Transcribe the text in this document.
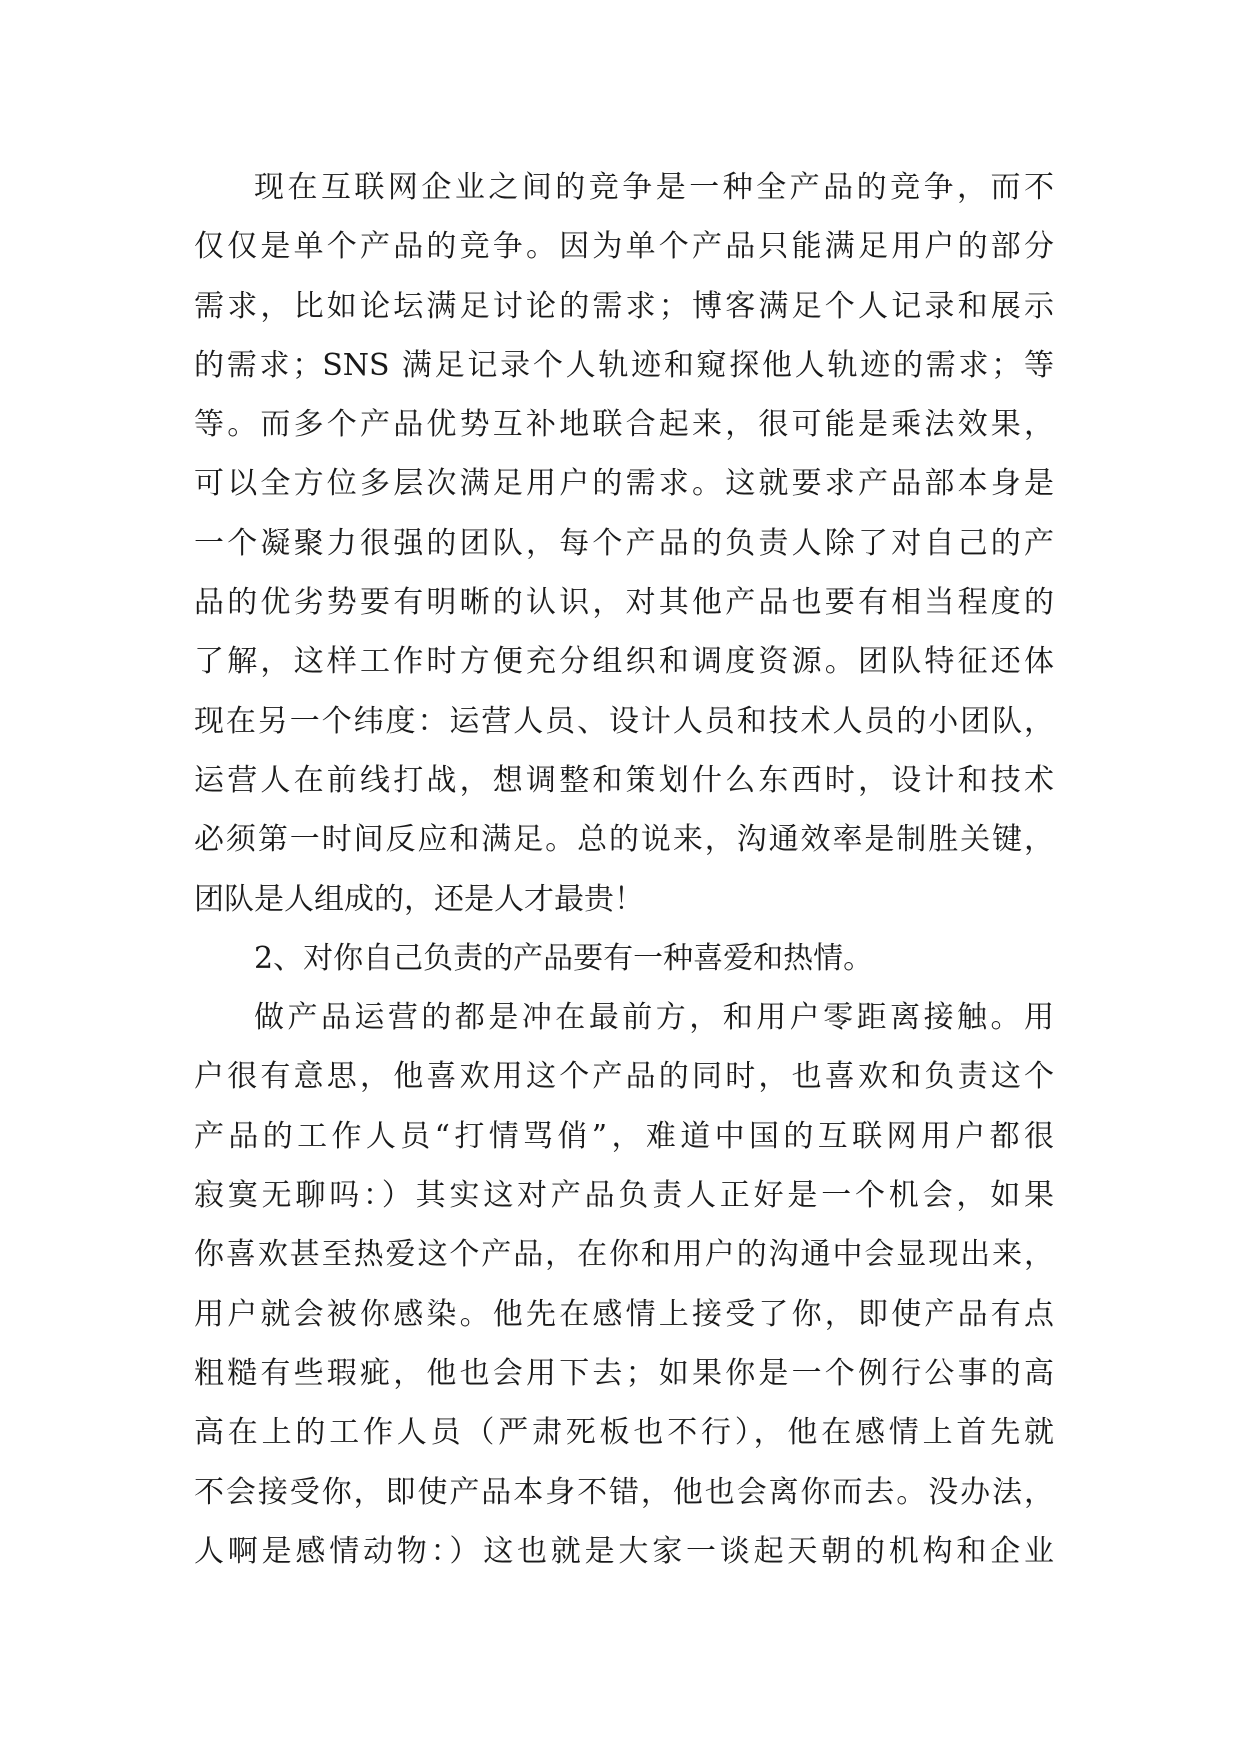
现在互联网企业之间的竞争是一种全产品的竞争，而不
仅仅是单个产品的竞争。因为单个产品只能满足用户的部分
需求，比如论坛满足讨论的需求；博客满足个人记录和展示
的需求；SNS 满足记录个人轨迹和窥探他人轨迹的需求；等
等。而多个产品优势互补地联合起来，很可能是乘法效果，
可以全方位多层次满足用户的需求。这就要求产品部本身是
一个凝聚力很强的团队，每个产品的负责人除了对自己的产
品的优劣势要有明晰的认识，对其他产品也要有相当程度的
了解，这样工作时方便充分组织和调度资源。团队特征还体
现在另一个纬度：运营人员、设计人员和技术人员的小团队，
运营人在前线打战，想调整和策划什么东西时，设计和技术
必须第一时间反应和满足。总的说来，沟通效率是制胜关键，
团队是人组成的，还是人才最贵！
2、对你自己负责的产品要有一种喜爱和热情。
做产品运营的都是冲在最前方，和用户零距离接触。用
户很有意思，他喜欢用这个产品的同时，也喜欢和负责这个
产品的工作人员“打情骂俏”，难道中国的互联网用户都很
寂寞无聊吗：）其实这对产品负责人正好是一个机会，如果
你喜欢甚至热爱这个产品，在你和用户的沟通中会显现出来，
用户就会被你感染。他先在感情上接受了你，即使产品有点
粗糙有些瑕疵，他也会用下去；如果你是一个例行公事的高
高在上的工作人员（严肃死板也不行），他在感情上首先就
不会接受你，即使产品本身不错，他也会离你而去。没办法，
人啊是感情动物：）这也就是大家一谈起天朝的机构和企业
